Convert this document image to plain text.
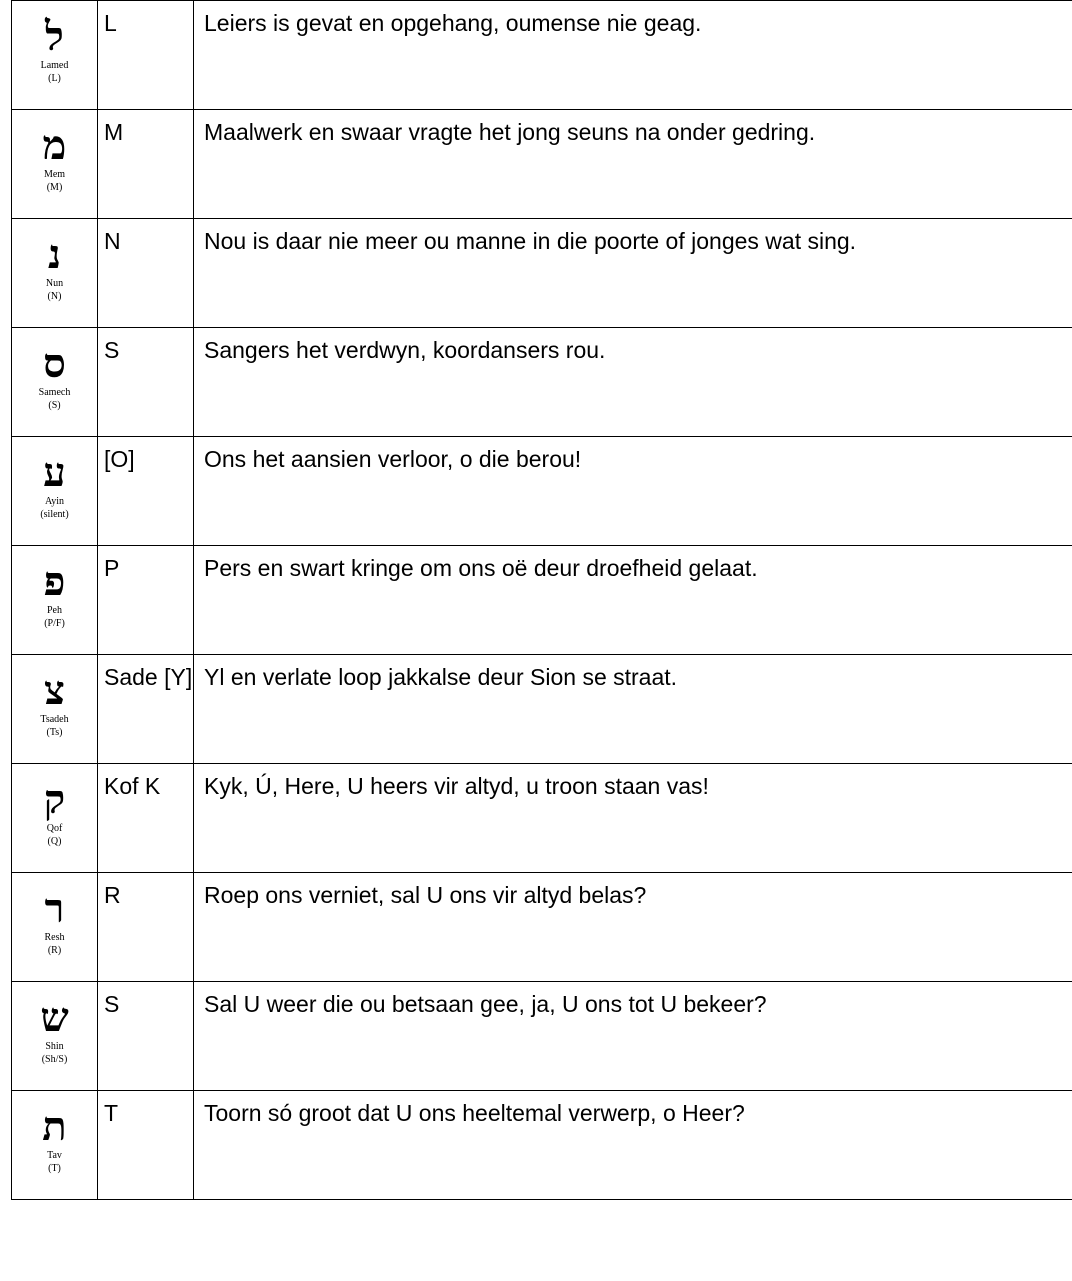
ל
Lamed
(L)	L	Leiers is gevat en opgehang, oumense nie geag.

מ
Mem
(M)	M	Maalwerk en swaar vragte het jong seuns na onder gedring.

נ
Nun
(N)	N	Nou is daar nie meer ou manne in die poorte of jonges wat sing.

ס
Samech
(S)	S	Sangers het verdwyn, koordansers rou.

ע
Ayin
(silent)	[O]	Ons het aansien verloor, o die berou!

פ
Peh
(P/F)	P	Pers en swart kringe om ons oë deur droefheid gelaat.

צ
Tsadeh
(Ts)	Sade [Y]	Yl en verlate loop jakkalse deur Sion se straat.

ק
Qof
(Q)	Kof K	Kyk, Ú, Here, U heers vir altyd, u troon staan vas!

ר
Resh
(R)	R	Roep ons verniet, sal U ons vir altyd belas?

ש
Shin
(Sh/S)	S	Sal U weer die ou betsaan gee, ja, U ons tot U bekeer?

ת
Tav
(T)	T	Toorn só groot dat U ons heeltemal verwerp, o Heer?
